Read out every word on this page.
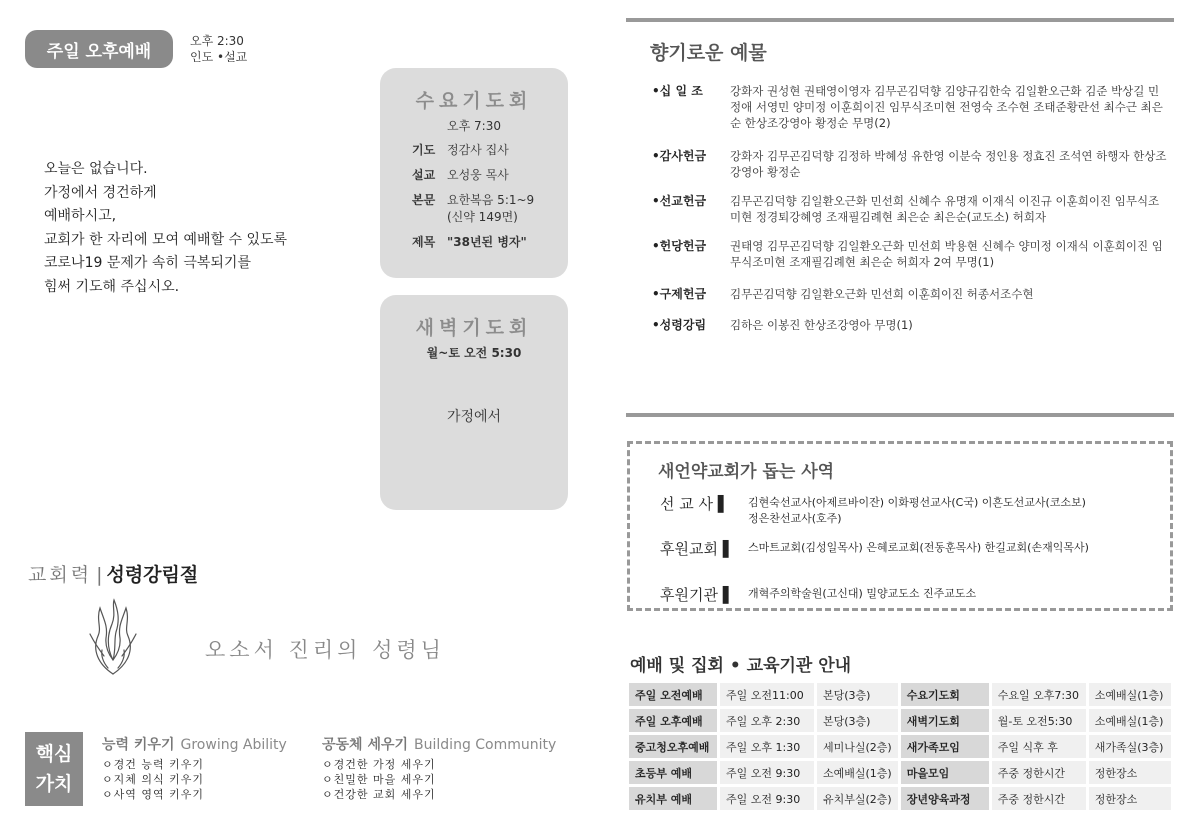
주일 오후예배
오후 2:30
인도 •설교
오늘은 없습니다.
가정에서 경건하게
예배하시고,
교회가 한 자리에 모여 예배할 수 있도록
코로나19 문제가 속히 극복되기를
힘써 기도해 주십시오.
수요기도회
오후 7:30
기도 정감사 집사
설교 오성웅 목사
본문 요한복음 5:1~9
(신약 149면)
제목 "38년된 병자"
새벽기도회
월~토 오전 5:30
가정에서
교회력 | 성령강림절
오소서 진리의 성령님
핵심
가치
능력 키우기 Growing Ability
ㅇ경건 능력 키우기
ㅇ지체 의식 키우기
ㅇ사역 영역 키우기
공동체 세우기 Building Community
ㅇ경건한 가정 세우기
ㅇ친밀한 마을 세우기
ㅇ건강한 교회 세우기
향기로운 예물
•십 일 조	강화자 권성현 권태영이영자 김무곤김덕향 김양규김한숙 김일환오근화 김준 박상길 민정애 서영민 양미정 이훈희이진 임무식조미현 전영숙 조수현 조태준황란선 최수근 최은순 한상조강영아 황정순 무명(2)
•감사헌금	강화자 김무곤김덕향 김정하 박혜성 유한영 이분숙 정인용 정효진 조석연 하행자 한상조강영아 황정순
•선교헌금	김무곤김덕향 김일환오근화 민선희 신혜수 유명재 이재식 이진규 이훈희이진 임무식조미현 정경퇴강혜영 조재필김례현 최은순 최은순(교도소) 허희자
•헌당헌금	권태영 김무곤김덕향 김일환오근화 민선희 박용현 신혜수 양미정 이재식 이훈희이진 임무식조미현 조재필김례현 최은순 허희자 2여 무명(1)
•구제헌금	김무곤김덕향 김일환오근화 민선희 이훈희이진 허종서조수현
•성령강림	김하은 이봉진 한상조강영아 무명(1)
새언약교회가 돕는 사역
선 교 사 ▌	김현숙선교사(아제르바이잔) 이화평선교사(C국) 이흔도선교사(코소보)
정은찬선교사(호주)
후원교회 ▌	스마트교회(김성일목사) 은혜로교회(전동훈목사) 한길교회(손재익목사)
후원기관 ▌	개혁주의학술원(고신대) 밀양교도소 진주교도소
예배 및 집회 • 교육기관 안내
주일 오전예배	주일 오전11:00	본당(3층)	수요기도회	수요일 오후7:30	소예배실(1층)
주일 오후예배	주일 오후 2:30	본당(3층)	새벽기도회	월-토 오전5:30	소예배실(1층)
중고청오후예배	주일 오후 1:30	세미나실(2층)	새가족모임	주일 식후 후	새가족실(3층)
초등부 예배	주일 오전 9:30	소예배실(1층)	마을모임	주중 정한시간	정한장소
유치부 예배	주일 오전 9:30	유치부실(2층)	장년양육과정	주중 정한시간	정한장소
